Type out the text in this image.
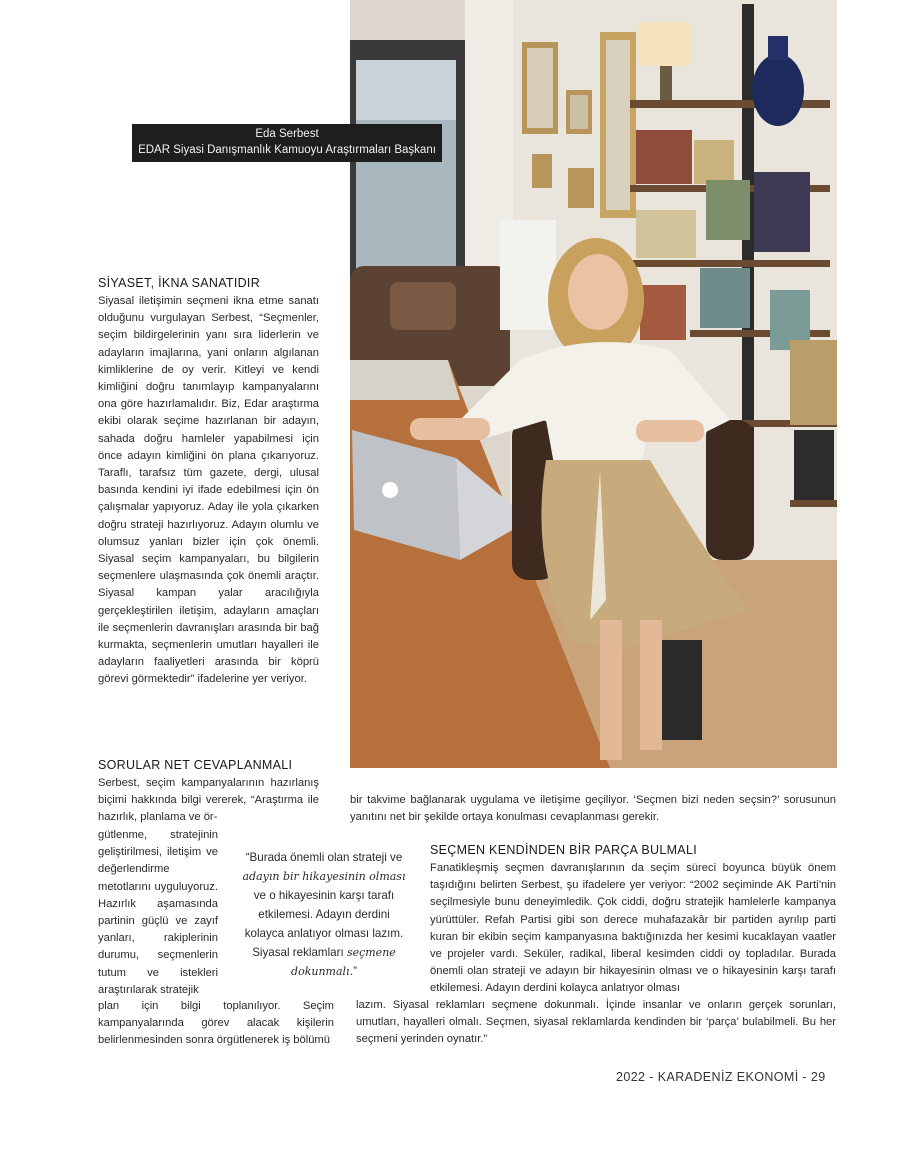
Eda Serbest
EDAR Siyasi Danışmanlık Kamuoyu Araştırmaları Başkanı
SİYASET, İKNA SANATIDIR

Siyasal iletişimin seçmeni ikna etme sanatı olduğunu vurgulayan Serbest, “Seçmenler, seçim bildirgelerinin yanı sıra liderlerin ve adayların imajlarına, yani onların algılanan kimliklerine de oy verir. Kitleyi ve kendi kimliğini doğru tanımlayıp kampanyalarını ona göre hazırlamalıdır. Biz, Edar araştırma ekibi olarak seçime hazırlanan bir adayın, sahada doğru hamleler yapabilmesi için önce adayın kimliğini ön plana çıkarıyoruz. Taraflı, tarafsız tüm gazete, dergi, ulusal basında kendini iyi ifade edebilmesi için ön çalışmalar yapıyoruz. Aday ile yola çıkarken doğru strateji hazırlıyoruz. Adayın olumlu ve olumsuz yanları bizler için çok önemli. Siyasal seçim kampanyaları, bu bilgilerin seçmenlere ulaşmasında çok önemli araçtır. Siyasal kampan yalar aracılığıyla gerçekleştirilen iletişim, adayların amaçları ile seçmenlerin davranışları arasında bir bağ kurmakta, seçmenlerin umutları hayalleri ile adayların faaliyetleri arasında bir köprü görevi görmektedir” ifadelerine yer veriyor.

SORULAR NET CEVAPLANMALI

Serbest, seçim kampanyalarının hazırlanış biçimi hakkında bilgi vererek, “Araştırma ile hazırlık, planlama ve ör-

gütlenme, stratejinin geliştirilmesi, iletişim ve değerlendirme metotlarını uyguluyoruz. Hazırlık aşamasında partinin güçlü ve zayıf yanları, rakiplerinin durumu, seçmenlerin tutum ve istekleri araştırılarak stratejik

plan için bilgi toplanılıyor. Seçim kampanyalarında görev alacak kişilerin belirlenmesinden sonra örgütlenerek iş bölümü

bir takvime bağlanarak uygulama ve iletişime geçiliyor. ‘Seçmen bizi neden seçsin?’ sorusunun yanıtını net bir şekilde ortaya konulması cevaplanması gerekir.

“Burada önemli olan strateji ve adayın bir hikayesinin olması ve o hikayesinin karşı tarafı etkilemesi. Adayın derdini kolayca anlatıyor olması lazım. Siyasal reklamları seçmene dokunmalı.”
SEÇMEN KENDİNDEN BİR PARÇA BULMALI

Fanatikleşmiş seçmen davranışlarının da seçim süreci boyunca büyük önem taşıdığını belirten Serbest, şu ifadelere yer veriyor: “2002 seçiminde AK Parti’nin seçilmesiyle bunu deneyimledik. Çok ciddi, doğru stratejik hamlelerle kampanya yürüttüler. Refah Partisi gibi son derece muhafazakâr bir partiden ayrılıp parti kuran bir ekibin seçim kampanyasına baktığınızda her kesimi kucaklayan vaatler ve projeler vardı. Seküler, radikal, liberal kesimden ciddi oy topladılar. Burada önemli olan strateji ve adayın bir hikayesinin olması ve o hikayesinin karşı tarafı etkilemesi. Adayın derdini kolayca anlatıyor olması

lazım. Siyasal reklamları seçmene dokunmalı. İçinde insanlar ve onların gerçek sorunları, umutları, hayalleri olmalı. Seçmen, siyasal reklamlarda kendinden bir ‘parça’ bulabilmeli. Bu her seçmeni yerinden oynatır.”

2022 - KARADENİZ EKONOMİ - 29
